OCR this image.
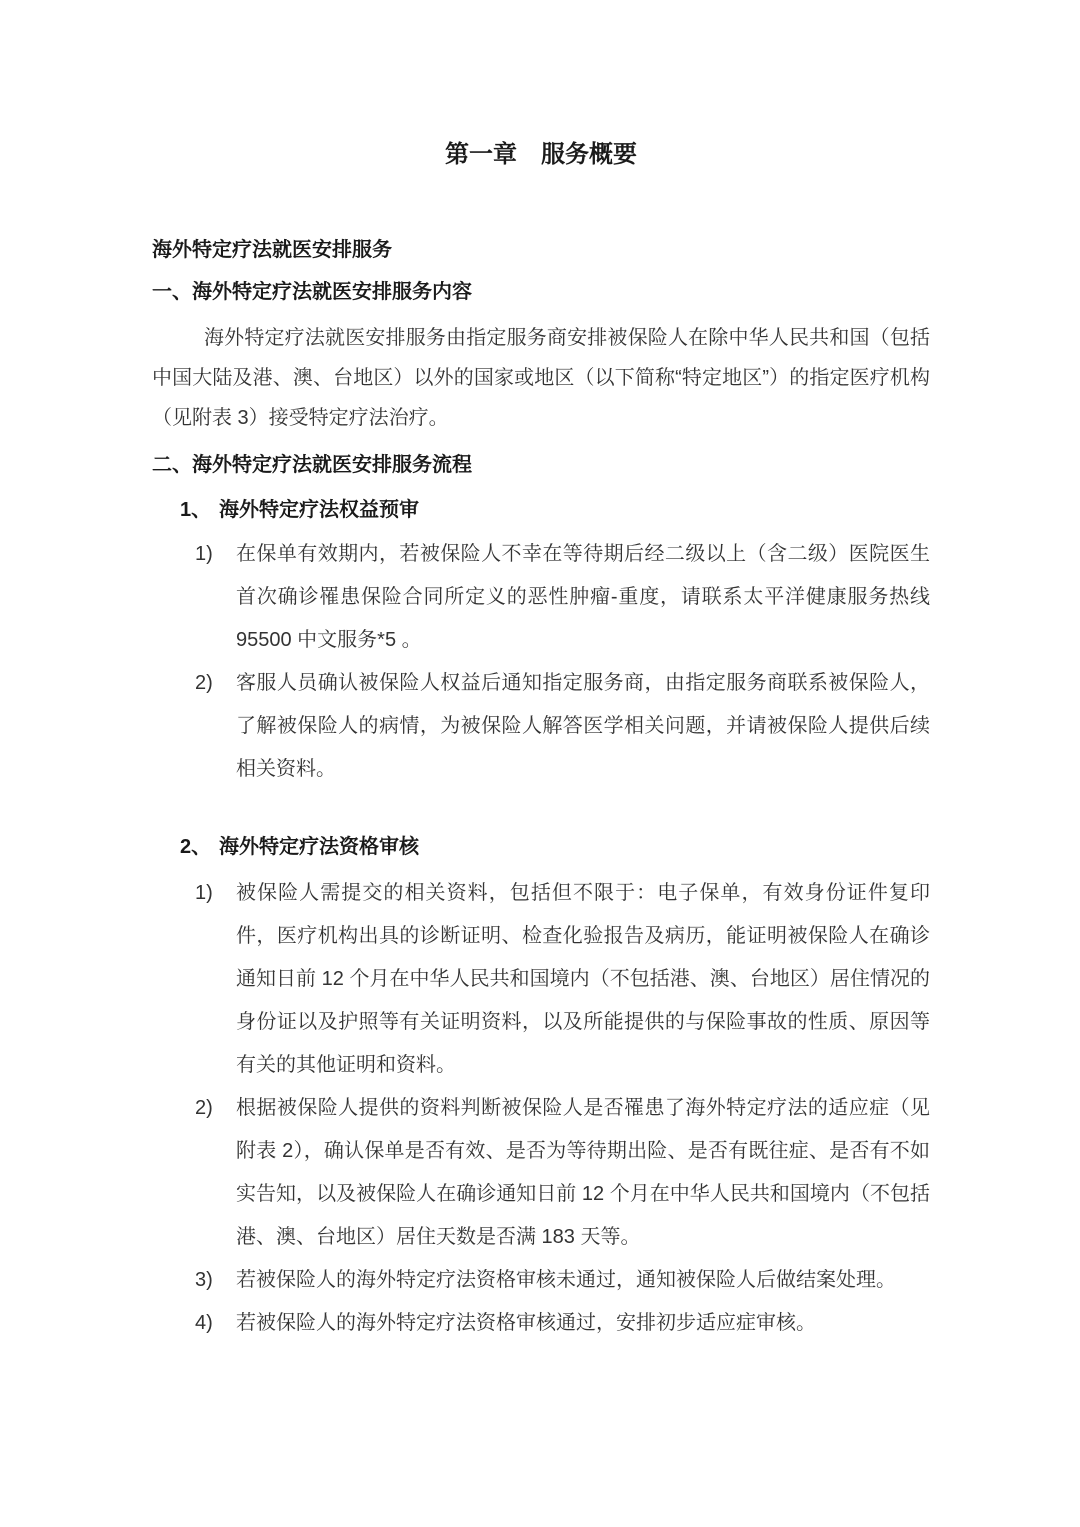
第一章　服务概要
海外特定疗法就医安排服务
一、海外特定疗法就医安排服务内容
海外特定疗法就医安排服务由指定服务商安排被保险人在除中华人民共和国（包括中国大陆及港、澳、台地区）以外的国家或地区（以下简称“特定地区”）的指定医疗机构（见附表 3）接受特定疗法治疗。
二、海外特定疗法就医安排服务流程
1、 海外特定疗法权益预审
1) 在保单有效期内，若被保险人不幸在等待期后经二级以上（含二级）医院医生首次确诊罹患保险合同所定义的恶性肿瘤-重度，请联系太平洋健康服务热线 95500 中文服务*5 。
2) 客服人员确认被保险人权益后通知指定服务商，由指定服务商联系被保险人，了解被保险人的病情，为被保险人解答医学相关问题，并请被保险人提供后续相关资料。
2、 海外特定疗法资格审核
1) 被保险人需提交的相关资料，包括但不限于：电子保单，有效身份证件复印件，医疗机构出具的诊断证明、检查化验报告及病历，能证明被保险人在确诊通知日前 12 个月在中华人民共和国境内（不包括港、澳、台地区）居住情况的身份证以及护照等有关证明资料，以及所能提供的与保险事故的性质、原因等有关的其他证明和资料。
2) 根据被保险人提供的资料判断被保险人是否罹患了海外特定疗法的适应症（见附表 2），确认保单是否有效、是否为等待期出险、是否有既往症、是否有不如实告知，以及被保险人在确诊通知日前 12 个月在中华人民共和国境内（不包括港、澳、台地区）居住天数是否满 183 天等。
3) 若被保险人的海外特定疗法资格审核未通过，通知被保险人后做结案处理。
4) 若被保险人的海外特定疗法资格审核通过，安排初步适应症审核。
